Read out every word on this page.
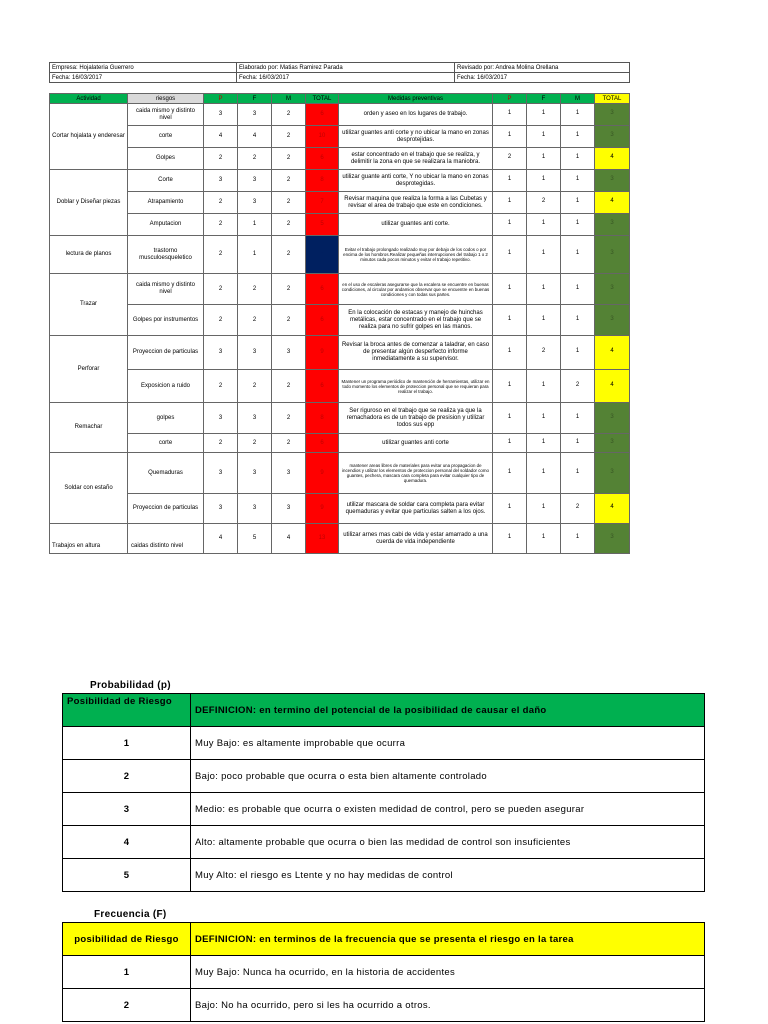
Empresa: Hojalateria Guerrero	Elaborado por: Matias Ramirez Parada	Revisado por: Andrea Molina Orellana
Fecha: 16/03/2017	Fecha: 16/03/2017	Fecha: 16/03/2017
Actividad	riesgos	P	F	M	TOTAL	Medidas preventivas	P	F	M	TOTAL
Cortar hojalata y enderesar	caida mismo y distinto nivel	3	3	2	6	orden y aseo en los lugares de trabajo.	1	1	1	3
	corte	4	4	2	10	utilizar guantes anti corte y no ubicar la mano en zonas desprotejidas.	1	1	1	3
	Golpes	2	2	2	6	estar concentrado en el trabajo que se realiza, y delimitir la zona en que se realizara la maniobra.	2	1	1	4
Doblar y Diseñar piezas	Corte	3	3	2	8	utilizar guante anti corte, Y no ubicar la mano en zonas desprotegidas.	1	1	1	3
	Atrapamiento	2	3	2	7	Revisar maquina que realiza la forma a las Cubetas y revisar el area de trabajo que este en condiciones.	1	2	1	4
	Amputacion	2	1	2	5	utilizar guantes anti corte.	1	1	1	3
lectura de planos	trastorno musculoesqueletico	2	1	2	5	Evitar el trabajo prolongado realizado muy por debajo de los codos o por encima de los hombros.Realizar pequeñas interrupciones del trabajo 1 o 2 minutos cada pocos minutos y evitar el trabajo repetitivo.	1	1	1	3
Trazar	caida mismo y distinto nivel	2	2	2	6	en el uso de escaleras asegurarse que la escalera se encuentre en buenas condiciones, al circular por andamios observar que se encuentre en buenas condiciones y con todas sus partes.	1	1	1	3
	Golpes por instrumentos	2	2	2	6	En la colocación de estacas y manejo de huinchas metálicas, estar concentrado en el trabajo que se realiza para no sufrir golpes en las manos.	1	1	1	3
Perforar	Proyeccion de particulas	3	3	3	9	Revisar la broca antes de comenzar a taladrar, en caso de presentar algún desperfecto informe inmediatamente a su supervisor.	1	2	1	4
	Exposicion a ruido	2	2	2	6	Mantener un programa periódico de mantención de herramientas, utilizar en todo momento los elementos de proteccion personal que se requieran para realizar el trabajo.	1	1	2	4
Remachar	golpes	3	3	2	8	Ser riguroso en el trabajo que se realiza ya que la remachadora es de un trabajo de presision y utilizar todos sus epp	1	1	1	3
	corte	2	2	2	6	utilizar guantes anti corte	1	1	1	3
Soldar con estaño	Quemaduras	3	3	3	9	mantener areas libres de materiales para evitar una propagacion de incendios y utilizar los elementos de proteccion personal del soldador como guantes, pechera, mascara cara completa para evitar cualquier tipo de quemadura.	1	1	1	3
	Proyeccion de particulas	3	3	3	9	utilizar mascara de soldar cara completa para evitar quemaduras y evitar que particulas salten a los ojos.	1	1	2	4
Trabajos en altura	caidas distinto nivel	4	5	4	13	utilizar arnes mas cabi de vida y estar amarrado a una cuerda de vida independiente	1	1	1	3
Probabilidad (p)
Posibilidad de Riesgo	DEFINICION: en termino del potencial de la posibilidad de causar el daño
1	Muy Bajo: es altamente improbable que ocurra
2	Bajo: poco probable que ocurra o esta bien altamente controlado
3	Medio: es probable que ocurra o existen medidad de control, pero se pueden asegurar
4	Alto: altamente probable que ocurra o bien las medidad de control son insuficientes
5	Muy Alto: el riesgo es Ltente y no hay medidas de control
Frecuencia (F)
posibilidad de Riesgo	DEFINICION: en terminos de la frecuencia que se presenta el riesgo en la tarea
1	Muy Bajo: Nunca ha ocurrido, en la historia de accidentes
2	Bajo: No ha ocurrido, pero si les ha ocurrido a otros.
